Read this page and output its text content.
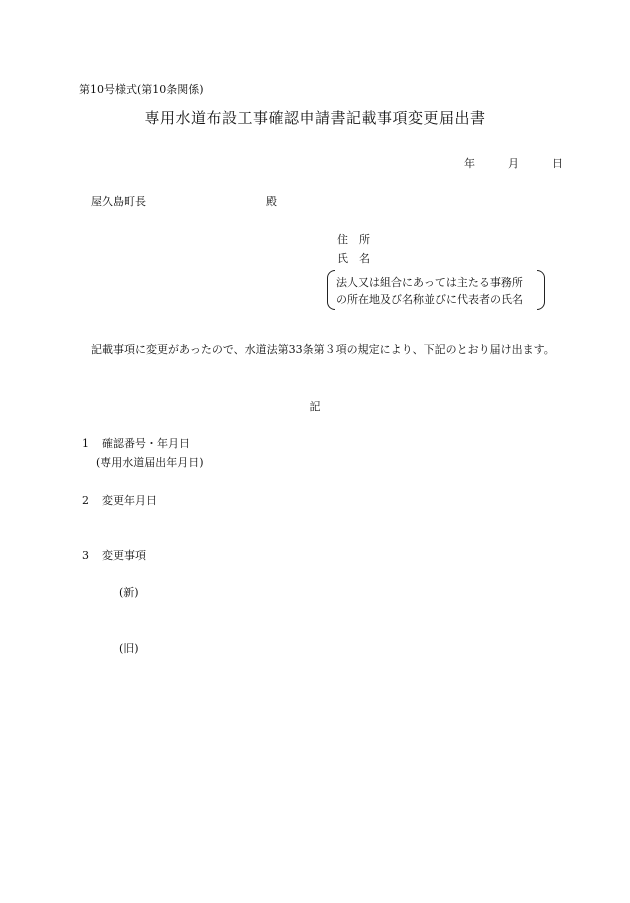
第10号様式(第10条関係)
専用水道布設工事確認申請書記載事項変更届出書
年	月	日
屋久島町長	殿
住　所
氏　名
法人又は組合にあっては主たる事務所
の所在地及び名称並びに代表者の氏名
記載事項に変更があったので、水道法第33条第３項の規定により、下記のとおり届け出ます。
記
1 確認番号・年月日
(専用水道届出年月日)
2 変更年月日
3 変更事項
(新)
(旧)
